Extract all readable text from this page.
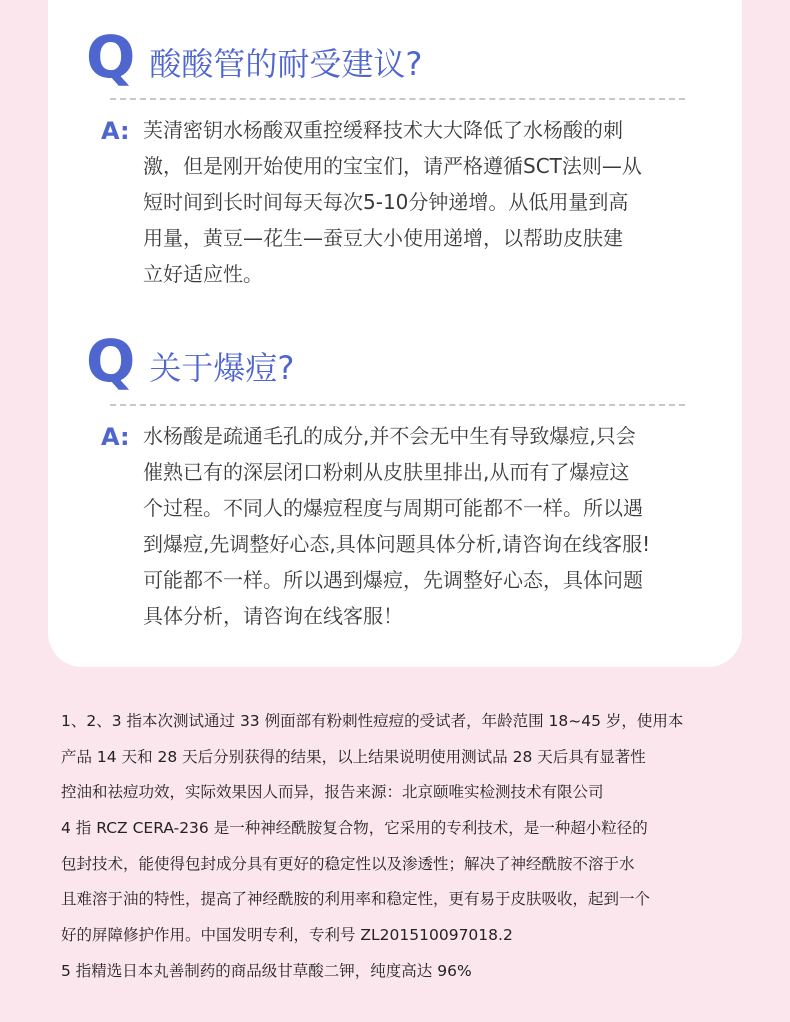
Q 酸酸管的耐受建议?
A: 芙清密钥水杨酸双重控缓释技术大大降低了水杨酸的刺
激，但是刚开始使用的宝宝们，请严格遵循SCT法则—从
短时间到长时间每天每次5-10分钟递增。从低用量到高
用量，黄豆—花生—蚕豆大小使用递增，以帮助皮肤建
立好适应性。
Q 关于爆痘?
A: 水杨酸是疏通毛孔的成分,并不会无中生有导致爆痘,只会
催熟已有的深层闭口粉刺从皮肤里排出,从而有了爆痘这
个过程。不同人的爆痘程度与周期可能都不一样。所以遇
到爆痘,先调整好心态,具体问题具体分析,请咨询在线客服!
可能都不一样。所以遇到爆痘，先调整好心态，具体问题
具体分析，请咨询在线客服！
1、2、3 指本次测试通过 33 例面部有粉刺性痘痘的受试者，年龄范围 18~45 岁，使用本
产品 14 天和 28 天后分别获得的结果，以上结果说明使用测试品 28 天后具有显著性
控油和祛痘功效，实际效果因人而异，报告来源：北京颐唯实检测技术有限公司
4 指 RCZ CERA-236 是一种神经酰胺复合物，它采用的专利技术，是一种超小粒径的
包封技术，能使得包封成分具有更好的稳定性以及渗透性；解决了神经酰胺不溶于水
且难溶于油的特性，提高了神经酰胺的利用率和稳定性，更有易于皮肤吸收，起到一个
好的屏障修护作用。中国发明专利，专利号 ZL201510097018.2
5 指精选日本丸善制药的商品级甘草酸二钾，纯度高达 96%
